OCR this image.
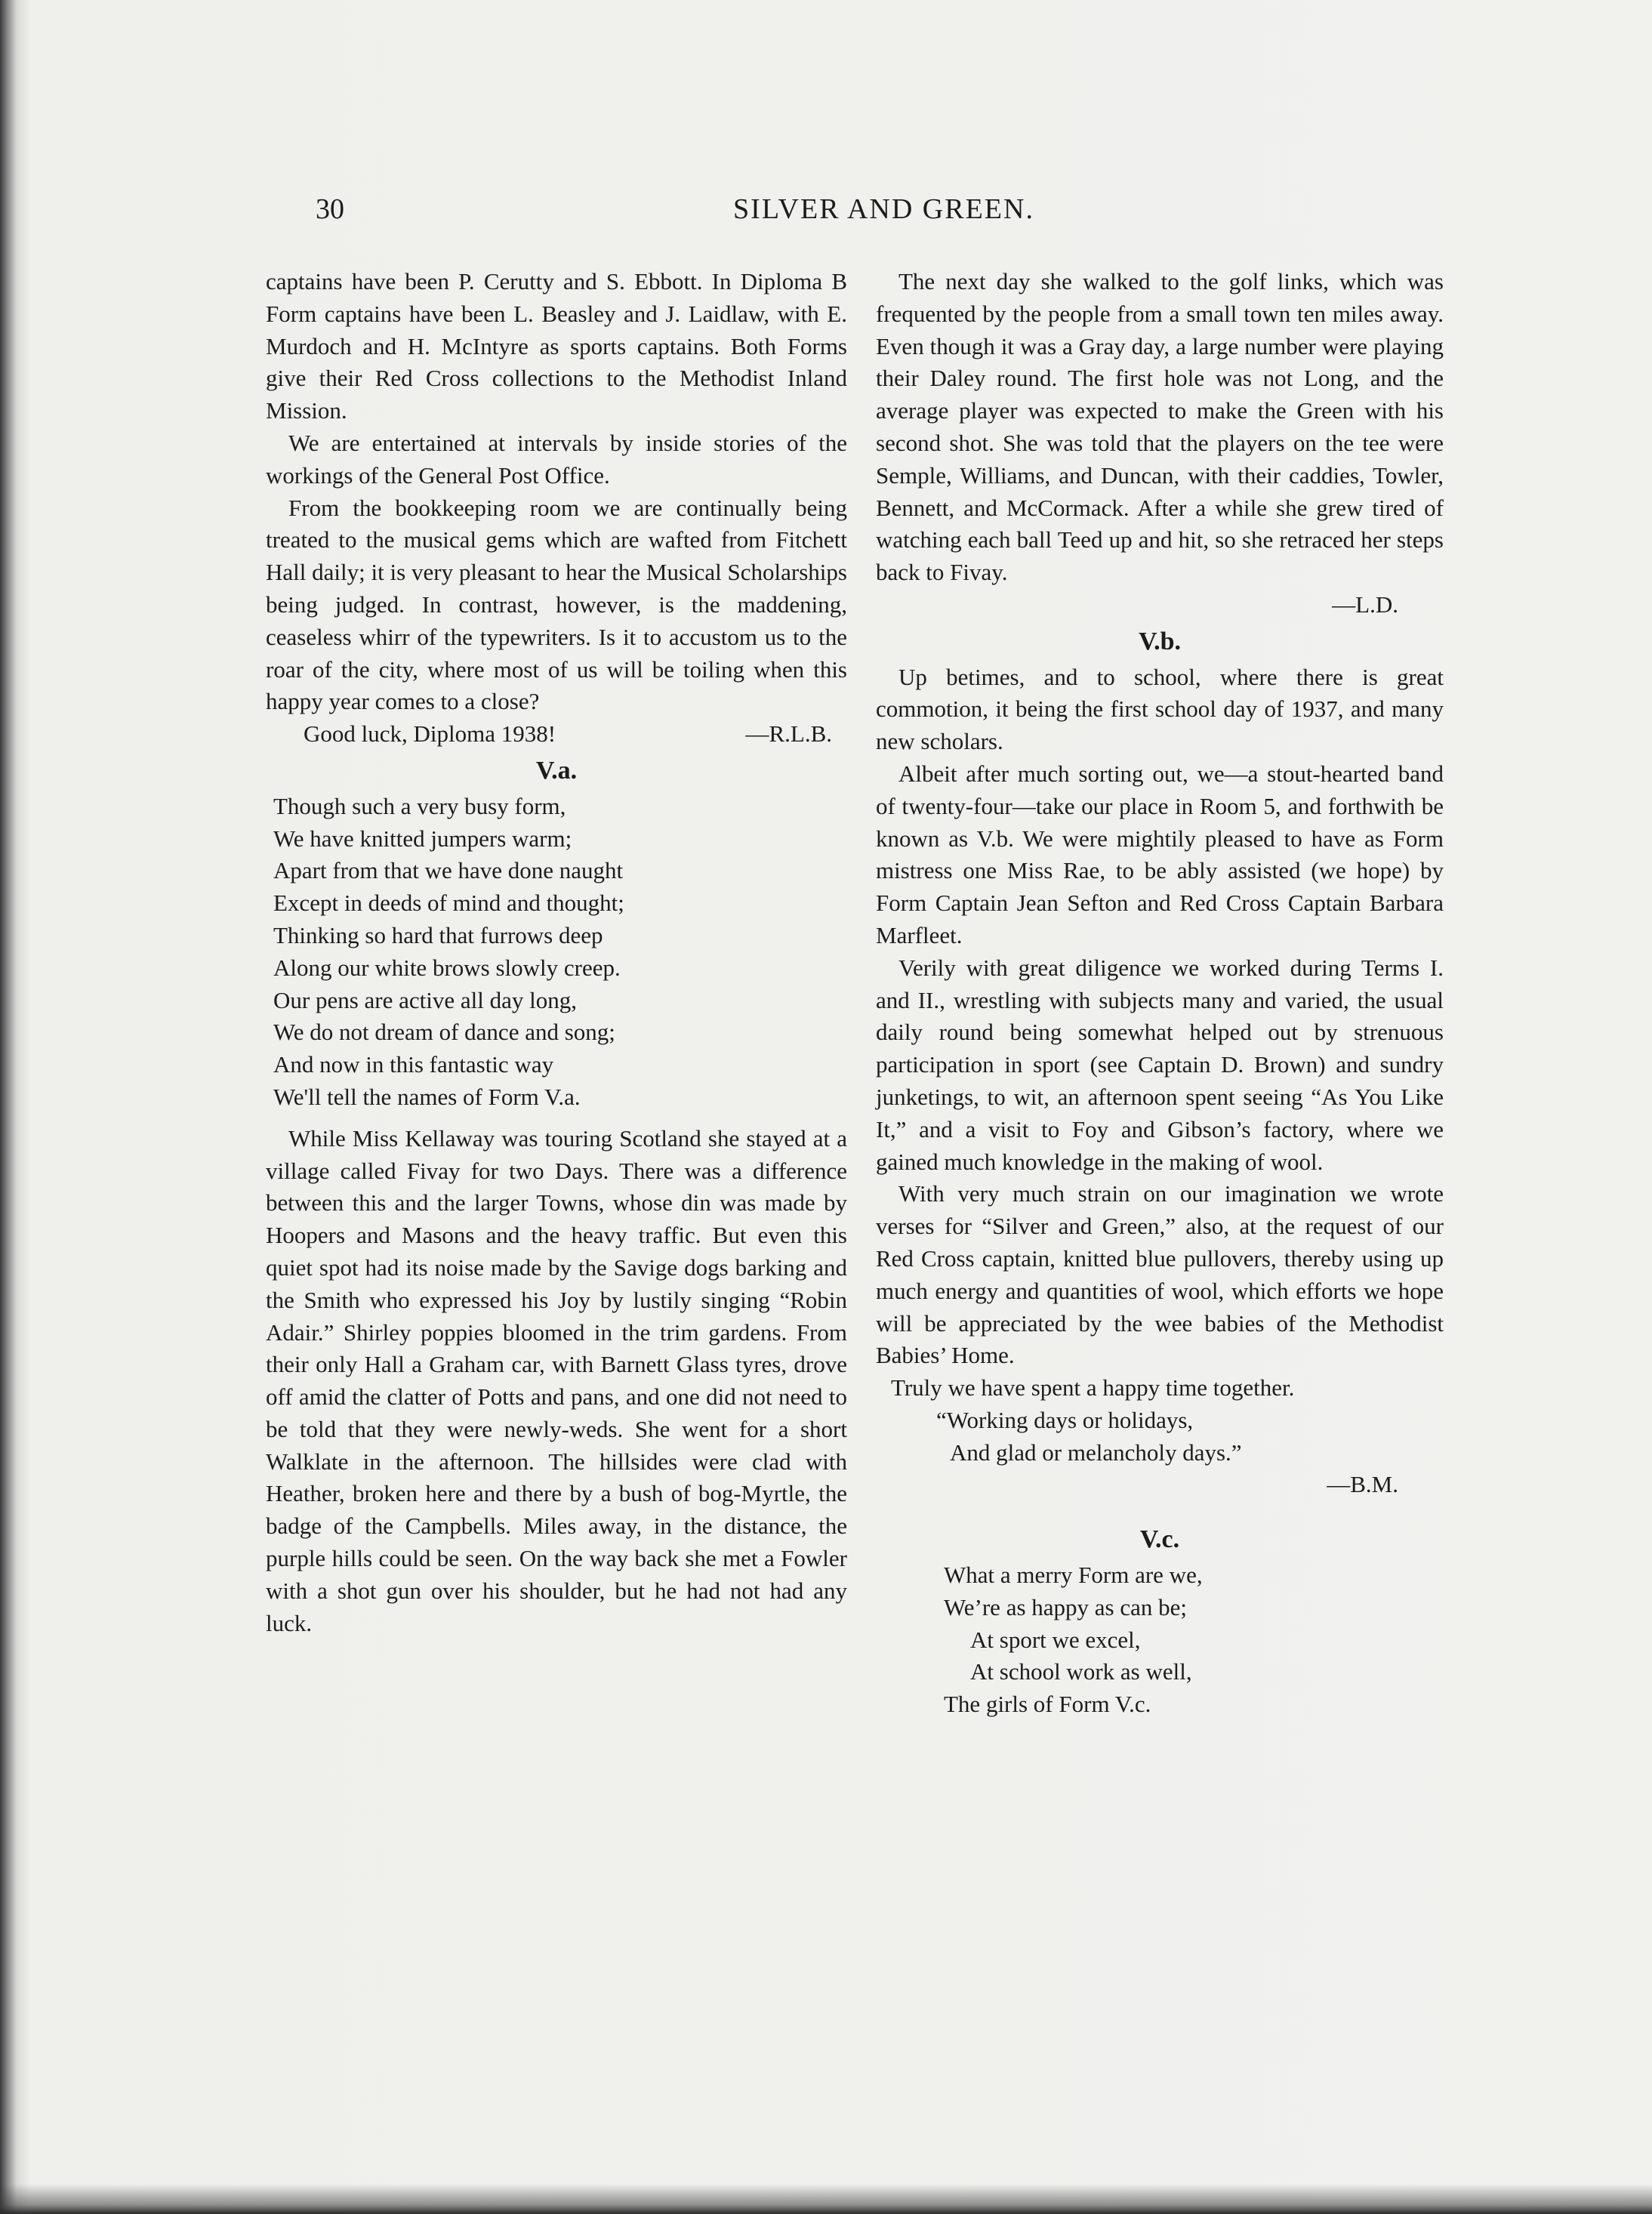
30	SILVER AND GREEN.

captains have been P. Cerutty and S. Ebbott. In Diploma B Form captains have been L. Beasley and J. Laidlaw, with E. Murdoch and H. McIntyre as sports captains. Both Forms give their Red Cross collections to the Methodist Inland Mission.

We are entertained at intervals by inside stories of the workings of the General Post Office.

From the bookkeeping room we are continually being treated to the musical gems which are wafted from Fitchett Hall daily; it is very pleasant to hear the Musical Scholarships being judged. In contrast, however, is the maddening, ceaseless whirr of the typewriters. Is it to accustom us to the roar of the city, where most of us will be toiling when this happy year comes to a close?

Good luck, Diploma 1938!	—R.L.B.
V.a.
Though such a very busy form,
We have knitted jumpers warm;
Apart from that we have done naught
Except in deeds of mind and thought;
Thinking so hard that furrows deep
Along our white brows slowly creep.
Our pens are active all day long,
We do not dream of dance and song;
And now in this fantastic way
We'll tell the names of Form V.a.

While Miss Kellaway was touring Scotland she stayed at a village called Fivay for two Days. There was a difference between this and the larger Towns, whose din was made by Hoopers and Masons and the heavy traffic. But even this quiet spot had its noise made by the Savige dogs barking and the Smith who expressed his Joy by lustily singing “Robin Adair.” Shirley poppies bloomed in the trim gardens. From their only Hall a Graham car, with Barnett Glass tyres, drove off amid the clatter of Potts and pans, and one did not need to be told that they were newly-weds. She went for a short Walklate in the afternoon. The hillsides were clad with Heather, broken here and there by a bush of bog-Myrtle, the badge of the Campbells. Miles away, in the distance, the purple hills could be seen. On the way back she met a Fowler with a shot gun over his shoulder, but he had not had any luck.

The next day she walked to the golf links, which was frequented by the people from a small town ten miles away. Even though it was a Gray day, a large number were playing their Daley round. The first hole was not Long, and the average player was expected to make the Green with his second shot. She was told that the players on the tee were Semple, Williams, and Duncan, with their caddies, Towler, Bennett, and McCormack. After a while she grew tired of watching each ball Teed up and hit, so she retraced her steps back to Fivay.

—L.D.
V.b.

Up betimes, and to school, where there is great commotion, it being the first school day of 1937, and many new scholars.

Albeit after much sorting out, we—a stout-hearted band of twenty-four—take our place in Room 5, and forthwith be known as V.b. We were mightily pleased to have as Form mistress one Miss Rae, to be ably assisted (we hope) by Form Captain Jean Sefton and Red Cross Captain Barbara Marfleet.

Verily with great diligence we worked during Terms I. and II., wrestling with subjects many and varied, the usual daily round being somewhat helped out by strenuous participation in sport (see Captain D. Brown) and sundry junketings, to wit, an afternoon spent seeing “As You Like It,” and a visit to Foy and Gibson’s factory, where we gained much knowledge in the making of wool.

With very much strain on our imagination we wrote verses for “Silver and Green,” also, at the request of our Red Cross captain, knitted blue pullovers, thereby using up much energy and quantities of wool, which efforts we hope will be appreciated by the wee babies of the Methodist Babies’ Home.

Truly we have spent a happy time together.
“Working days or holidays,
And glad or melancholy days.”
—B.M.
V.c.
What a merry Form are we,
We’re as happy as can be;
At sport we excel,
At school work as well,
The girls of Form V.c.
